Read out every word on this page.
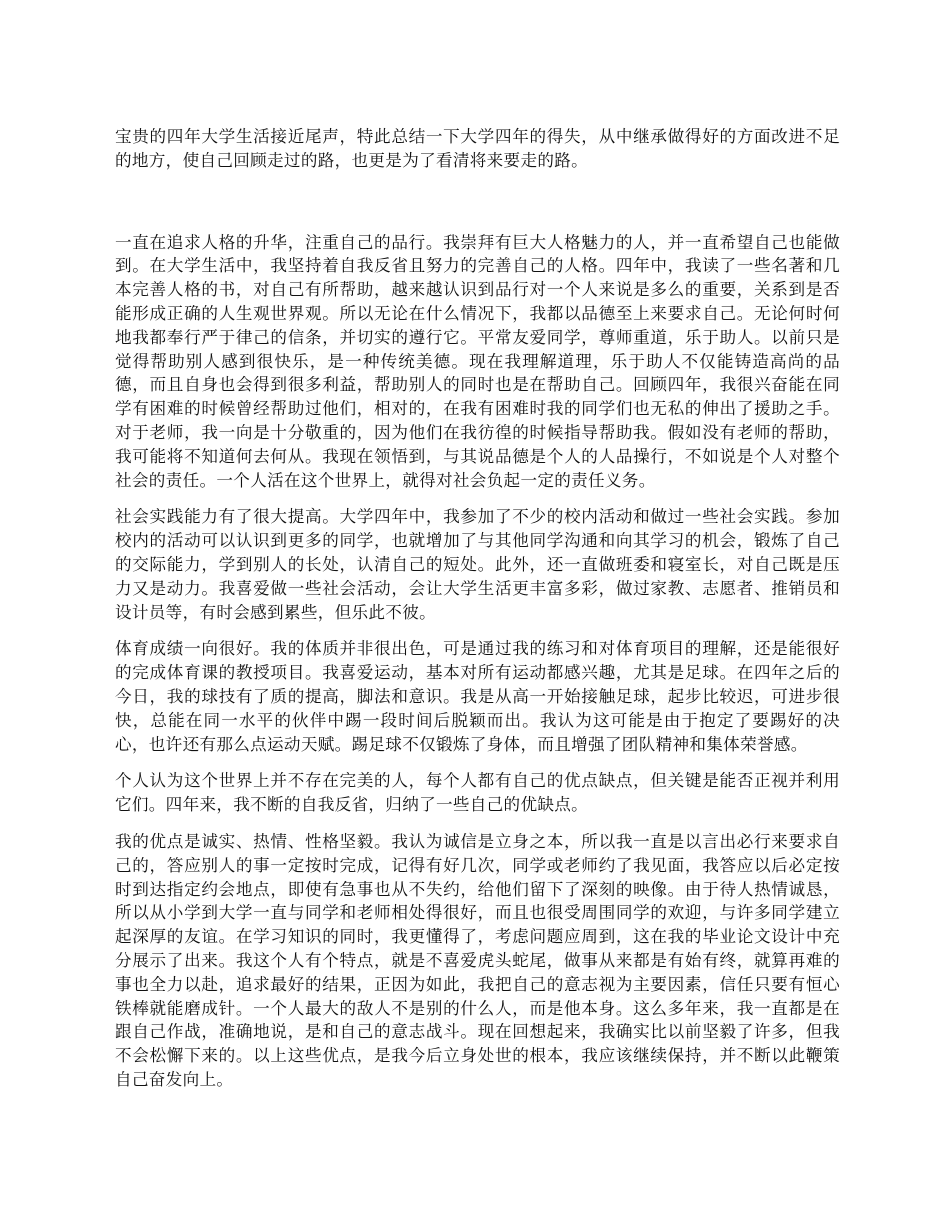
宝贵的四年大学生活接近尾声，特此总结一下大学四年的得失，从中继承做得好的方面改进不足的地方，使自己回顾走过的路，也更是为了看清将来要走的路。

一直在追求人格的升华，注重自己的品行。我崇拜有巨大人格魅力的人，并一直希望自己也能做到。在大学生活中，我坚持着自我反省且努力的完善自己的人格。四年中，我读了一些名著和几本完善人格的书，对自己有所帮助，越来越认识到品行对一个人来说是多么的重要，关系到是否能形成正确的人生观世界观。所以无论在什么情况下，我都以品德至上来要求自己。无论何时何地我都奉行严于律己的信条，并切实的遵行它。平常友爱同学，尊师重道，乐于助人。以前只是觉得帮助别人感到很快乐，是一种传统美德。现在我理解道理，乐于助人不仅能铸造高尚的品德，而且自身也会得到很多利益，帮助别人的同时也是在帮助自己。回顾四年，我很兴奋能在同学有困难的时候曾经帮助过他们，相对的，在我有困难时我的同学们也无私的伸出了援助之手。对于老师，我一向是十分敬重的，因为他们在我彷徨的时候指导帮助我。假如没有老师的帮助，我可能将不知道何去何从。我现在领悟到，与其说品德是个人的人品操行，不如说是个人对整个社会的责任。一个人活在这个世界上，就得对社会负起一定的责任义务。

社会实践能力有了很大提高。大学四年中，我参加了不少的校内活动和做过一些社会实践。参加校内的活动可以认识到更多的同学，也就增加了与其他同学沟通和向其学习的机会，锻炼了自己的交际能力，学到别人的长处，认清自己的短处。此外，还一直做班委和寝室长，对自己既是压力又是动力。我喜爱做一些社会活动，会让大学生活更丰富多彩，做过家教、志愿者、推销员和设计员等，有时会感到累些，但乐此不彼。

体育成绩一向很好。我的体质并非很出色，可是通过我的练习和对体育项目的理解，还是能很好的完成体育课的教授项目。我喜爱运动，基本对所有运动都感兴趣，尤其是足球。在四年之后的今日，我的球技有了质的提高，脚法和意识。我是从高一开始接触足球，起步比较迟，可进步很快，总能在同一水平的伙伴中踢一段时间后脱颖而出。我认为这可能是由于抱定了要踢好的决心，也许还有那么点运动天赋。踢足球不仅锻炼了身体，而且增强了团队精神和集体荣誉感。

个人认为这个世界上并不存在完美的人，每个人都有自己的优点缺点，但关键是能否正视并利用它们。四年来，我不断的自我反省，归纳了一些自己的优缺点。

我的优点是诚实、热情、性格坚毅。我认为诚信是立身之本，所以我一直是以言出必行来要求自己的，答应别人的事一定按时完成，记得有好几次，同学或老师约了我见面，我答应以后必定按时到达指定约会地点，即使有急事也从不失约，给他们留下了深刻的映像。由于待人热情诚恳，所以从小学到大学一直与同学和老师相处得很好，而且也很受周围同学的欢迎，与许多同学建立起深厚的友谊。在学习知识的同时，我更懂得了，考虑问题应周到，这在我的毕业论文设计中充分展示了出来。我这个人有个特点，就是不喜爱虎头蛇尾，做事从来都是有始有终，就算再难的事也全力以赴，追求最好的结果，正因为如此，我把自己的意志视为主要因素，信任只要有恒心铁棒就能磨成针。一个人最大的敌人不是别的什么人，而是他本身。这么多年来，我一直都是在跟自己作战，准确地说，是和自己的意志战斗。现在回想起来，我确实比以前坚毅了许多，但我不会松懈下来的。以上这些优点，是我今后立身处世的根本，我应该继续保持，并不断以此鞭策自己奋发向上。
